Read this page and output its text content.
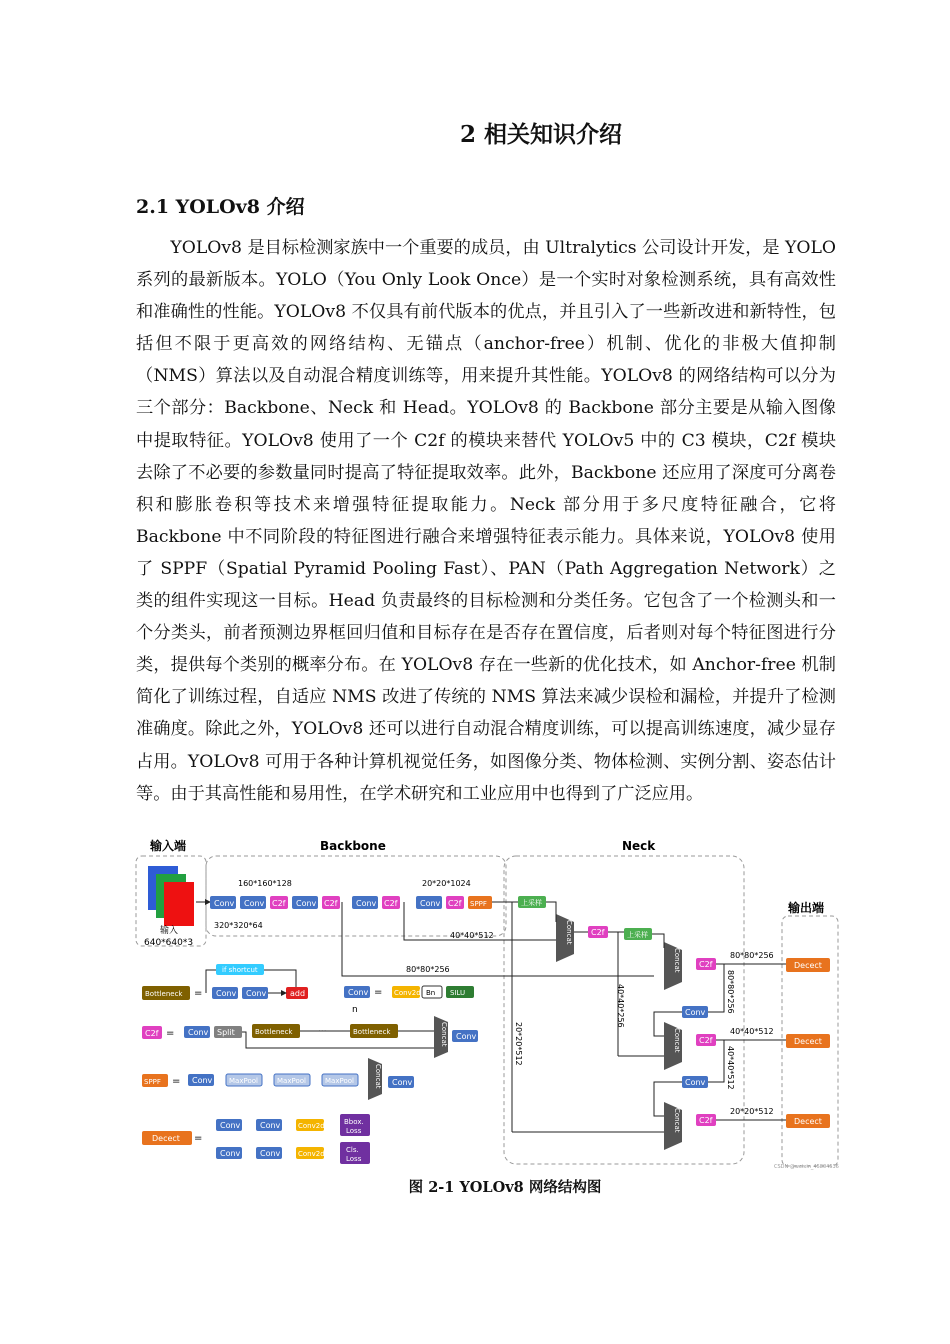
2 相关知识介绍
2.1 YOLOv8 介绍

YOLOv8 是目标检测家族中一个重要的成员，由 Ultralytics 公司设计开发，是 YOLO 系列的最新版本。YOLO（You Only Look Once）是一个实时对象检测系统，具有高效性和准确性的性能。YOLOv8 不仅具有前代版本的优点，并且引入了一些新改进和新特性，包括但不限于更高效的网络结构、无锚点（anchor-free）机制、优化的非极大值抑制（NMS）算法以及自动混合精度训练等，用来提升其性能。YOLOv8 的网络结构可以分为三个部分：Backbone、Neck 和 Head。YOLOv8 的 Backbone 部分主要是从输入图像中提取特征。YOLOv8 使用了一个 C2f 的模块来替代 YOLOv5 中的 C3 模块，C2f 模块去除了不必要的参数量同时提高了特征提取效率。此外，Backbone 还应用了深度可分离卷积和膨胀卷积等技术来增强特征提取能力。Neck 部分用于多尺度特征融合，它将 Backbone 中不同阶段的特征图进行融合来增强特征表示能力。具体来说，YOLOv8 使用了 SPPF（Spatial Pyramid Pooling Fast）、PAN（Path Aggregation Network）之类的组件实现这一目标。Head 负责最终的目标检测和分类任务。它包含了一个检测头和一个分类头，前者预测边界框回归值和目标存在是否存在置信度，后者则对每个特征图进行分类，提供每个类别的概率分布。在 YOLOv8 存在一些新的优化技术，如 Anchor-free 机制简化了训练过程，自适应 NMS 改进了传统的 NMS 算法来减少误检和漏检，并提升了检测准确度。除此之外，YOLOv8 还可以进行自动混合精度训练，可以提高训练速度，减少显存占用。YOLOv8 可用于各种计算机视觉任务，如图像分类、物体检测、实例分割、姿态估计等。由于其高性能和易用性，在学术研究和工业应用中也得到了广泛应用。

输入端	Backbone	Neck
输出端
输入
640*640*3
Conv Conv C2f Conv C2f Conv C2f	Conv C2f SPPF
160*160*128
320*320*64
20*20*1024
40*40*512
80*80*256
上采样
Concat C2f	上采样
Concat C2f
Conv
Concat C2f
Conv
Concat C2f
40*40*256
20*20*512
80*80*256
80*80*256
40*40*512
40*40*512
20*20*512
Decect
Decect
Decect
Bottleneck =
if shortcut
Conv Conv	add	Conv = Conv2d Bn SILU
C2f = Conv Split	Bottleneck	···	Bottleneck
n
Concat Conv
SPPF = Conv MaxPool	MaxPool	MaxPool	Concat Conv
Decect =
Conv Conv	Conv2d	Bbox.
Loss
Conv Conv	Conv2d	Cls.
Loss
CSDN @weixin_45804536
图 2-1 YOLOv8 网络结构图
